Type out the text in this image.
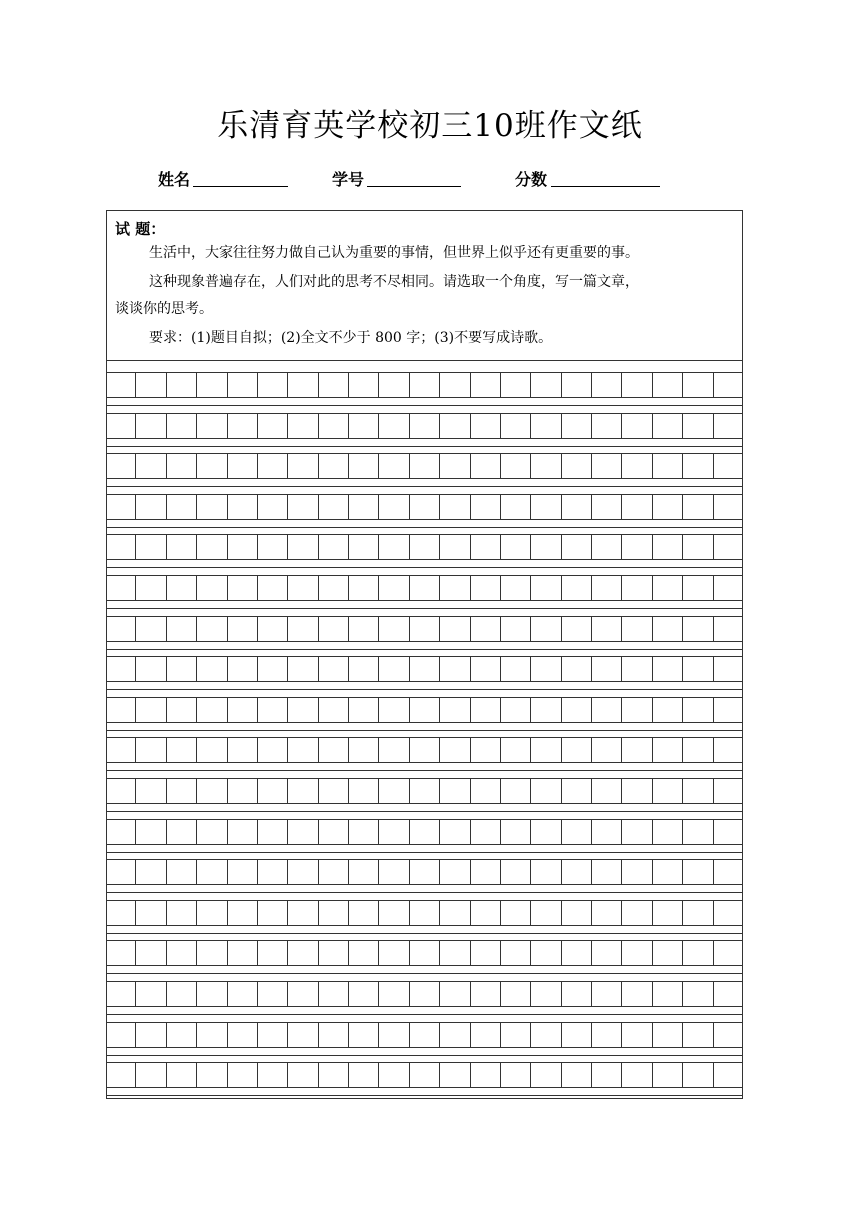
乐清育英学校初三10班作文纸
姓名	学号	分数
试 题：
生活中，大家往往努力做自己认为重要的事情，但世界上似乎还有更重要的事。
这种现象普遍存在，人们对此的思考不尽相同。请选取一个角度，写一篇文章，
谈谈你的思考。
要求：(1)题目自拟；(2)全文不少于 800 字；(3)不要写成诗歌。
